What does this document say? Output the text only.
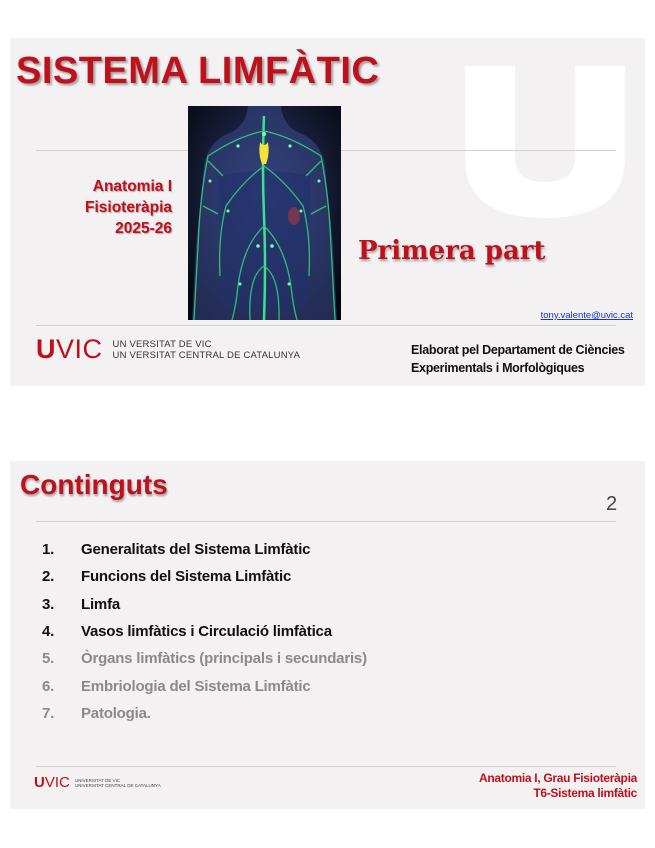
SISTEMA LIMFÀTIC
Anatomia I
Fisioteràpia
2025-26
Primera part
tony.valente@uvic.cat
UVIC UN VERSITAT DE VIC
UN VERSITAT CENTRAL DE CATALUNYA	Elaborat pel Departament de Ciències
Experimentals i Morfològiques
Continguts
2
1.	Generalitats del Sistema Limfàtic
2.	Funcions del Sistema Limfàtic
3.	Limfa
4.	Vasos limfàtics i Circulació limfàtica
5.	Òrgans limfàtics (principals i secundaris)
6.	Embriologia del Sistema Limfàtic
7.	Patologia.
UVIC UNIVERSITAT DE VIC
UNIVERSITAT CENTRAL DE CATALUNYA	Anatomia I, Grau Fisioteràpia
T6-Sistema limfàtic
